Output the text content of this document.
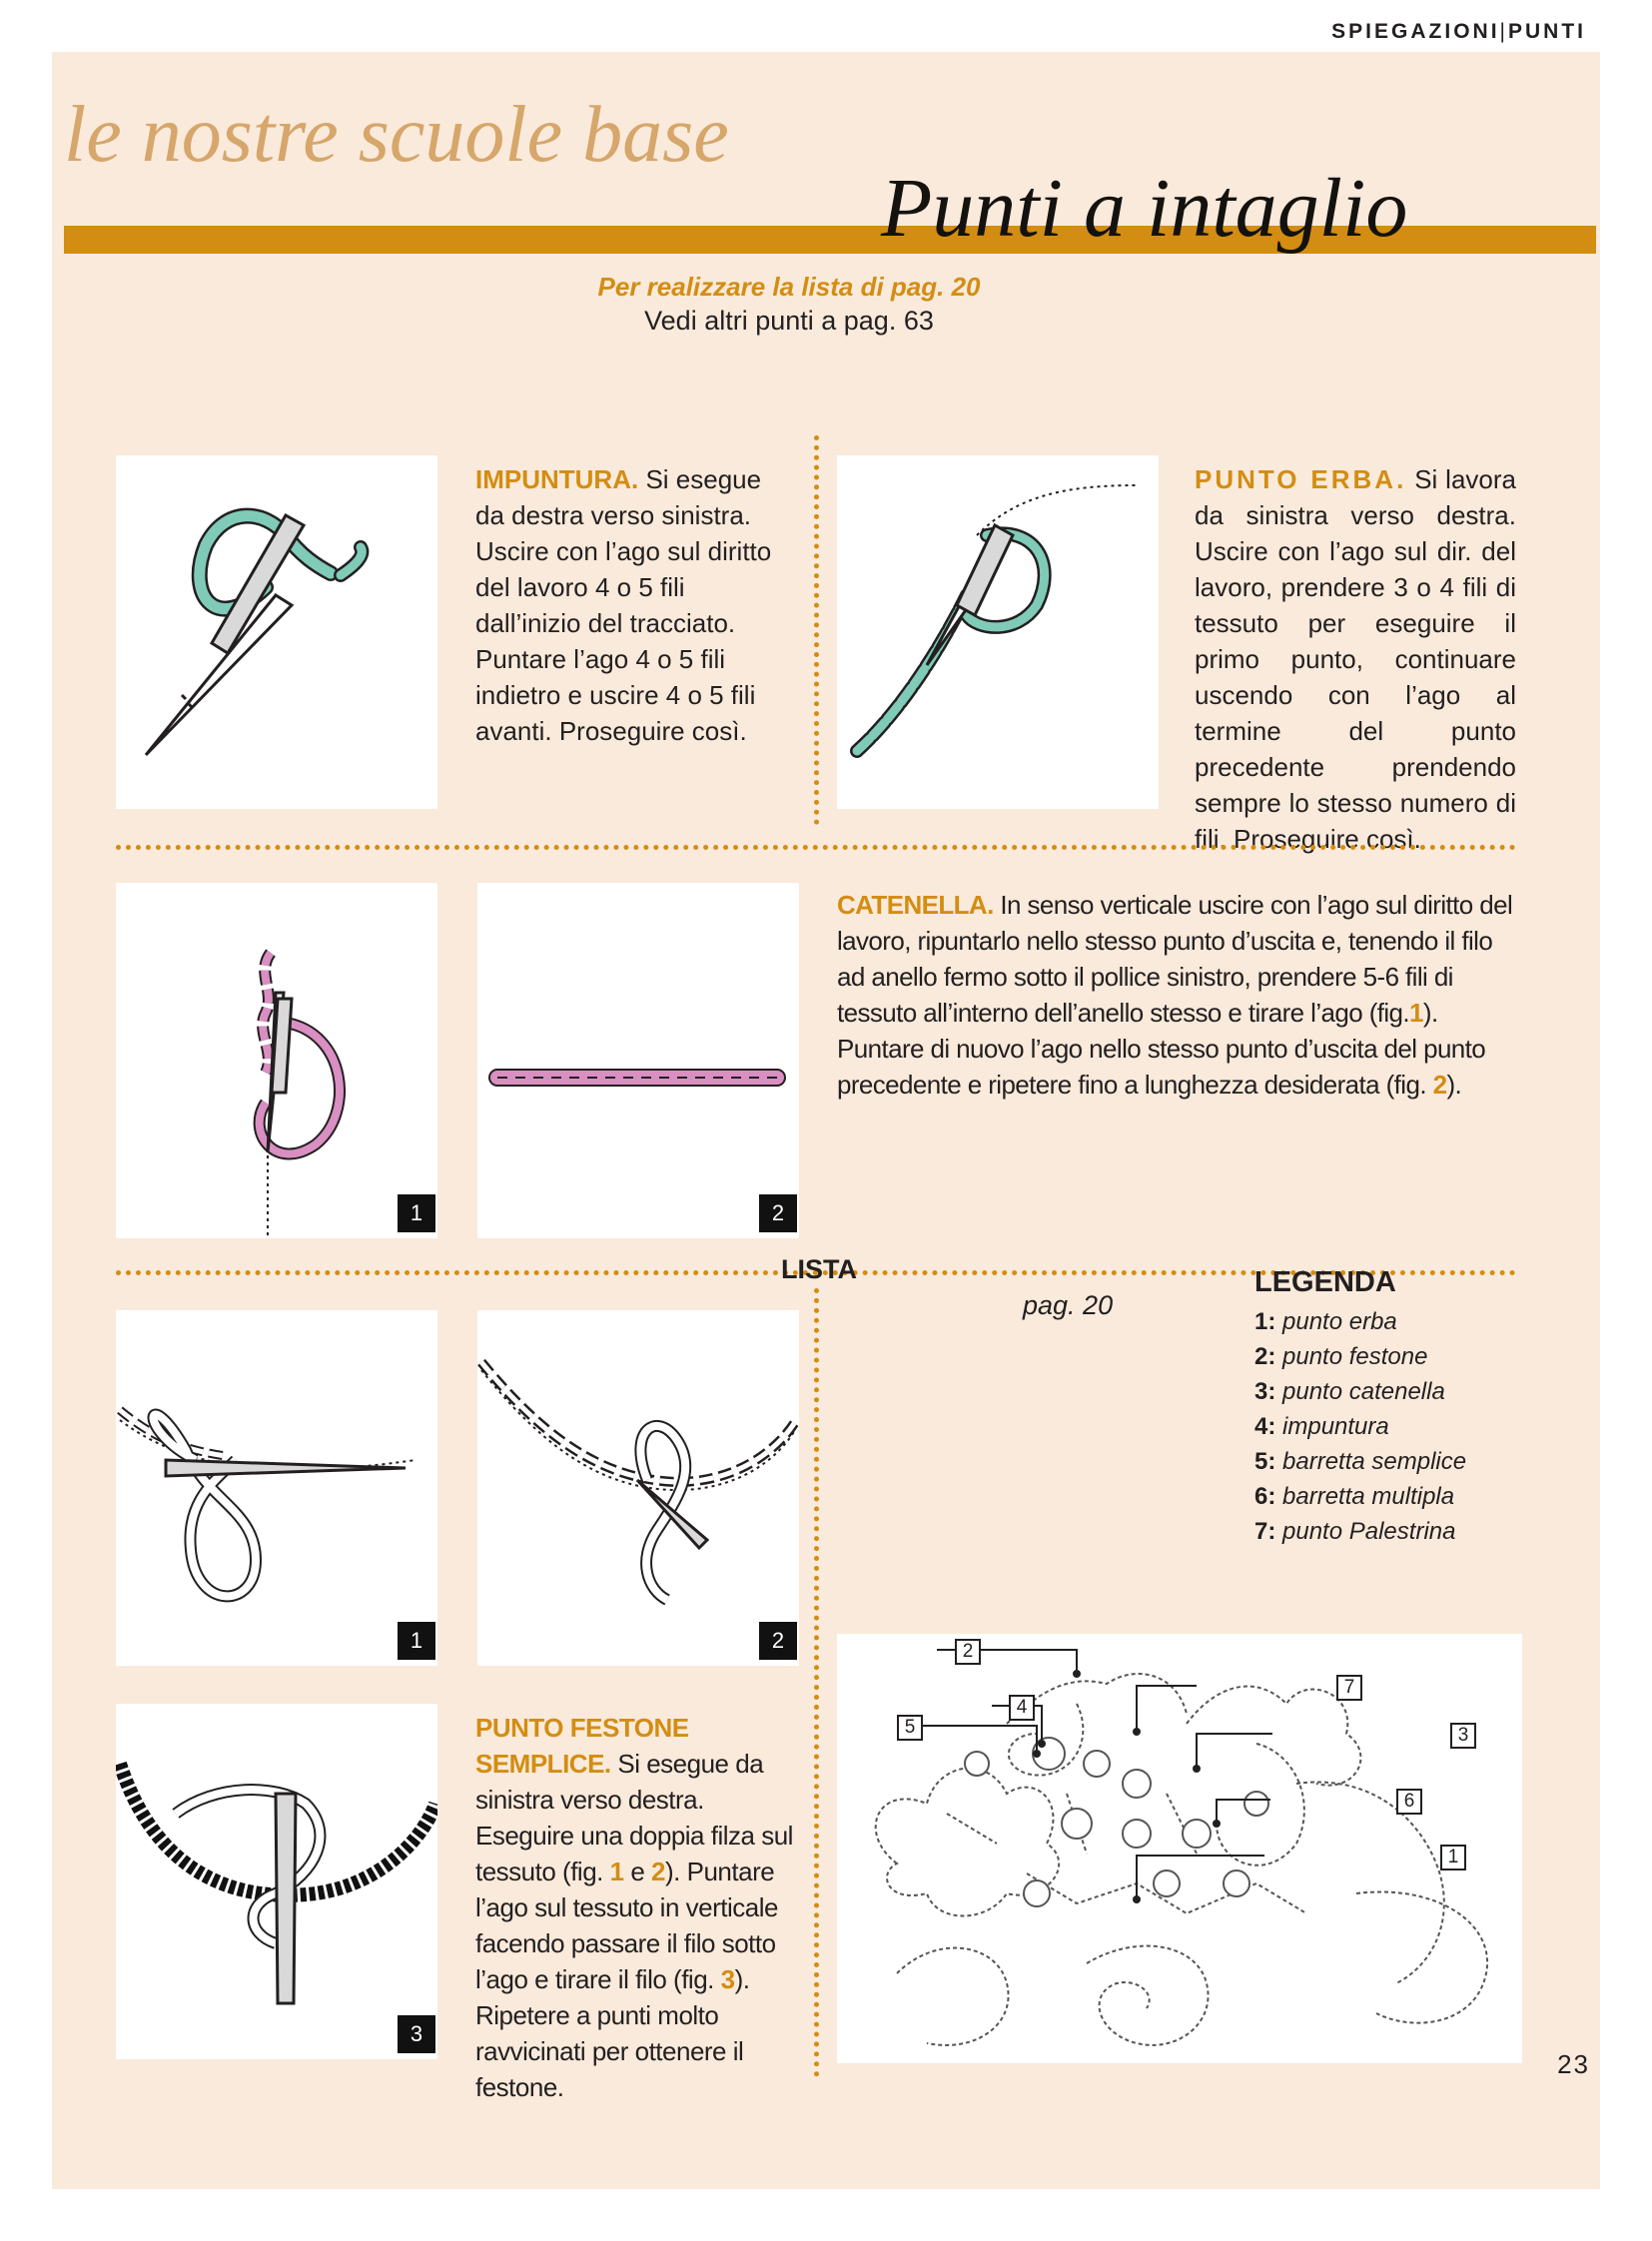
SPIEGAZIONI|PUNTI
le nostre scuole base
Punti a intaglio
Per realizzare la lista di pag. 20
Vedi altri punti a pag. 63
IMPUNTURA. Si esegue da destra verso sinistra. Uscire con l’ago sul diritto del lavoro 4 o 5 fili dall’inizio del tracciato. Puntare l’ago 4 o 5 fili indietro e uscire 4 o 5 fili avanti. Proseguire così.
PUNTO ERBA. Si lavora da sinistra verso destra. Uscire con l’ago sul dir. del lavoro, prendere 3 o 4 fili di tessuto per eseguire il primo punto, continuare uscendo con l’ago al termine del punto precedente prendendo sempre lo stesso numero di fili. Proseguire così.
1	2
CATENELLA. In senso verticale uscire con l’ago sul diritto del lavoro, ripuntarlo nello stesso punto d’uscita e, tenendo il filo ad anello fermo sotto il pollice sinistro, prendere 5-6 fili di tessuto all’interno dell’anello stesso e tirare l’ago (fig.1). Puntare di nuovo l’ago nello stesso punto d’uscita del punto precedente e ripetere fino a lunghezza desiderata (fig. 2).
1	2
3
PUNTO FESTONE SEMPLICE. Si esegue da sinistra verso destra. Eseguire una doppia filza sul tessuto (fig. 1 e 2). Puntare l’ago sul tessuto in verticale facendo passare il filo sotto l’ago e tirare il filo (fig. 3). Ripetere a punti molto ravvicinati per ottenere il festone.
LISTA
pag. 20
LEGENDA
1: punto erba
2: punto festone
3: punto catenella
4: impuntura
5: barretta semplice
6: barretta multipla
7: punto Palestrina
2
4
5
7
3
6
1
23
